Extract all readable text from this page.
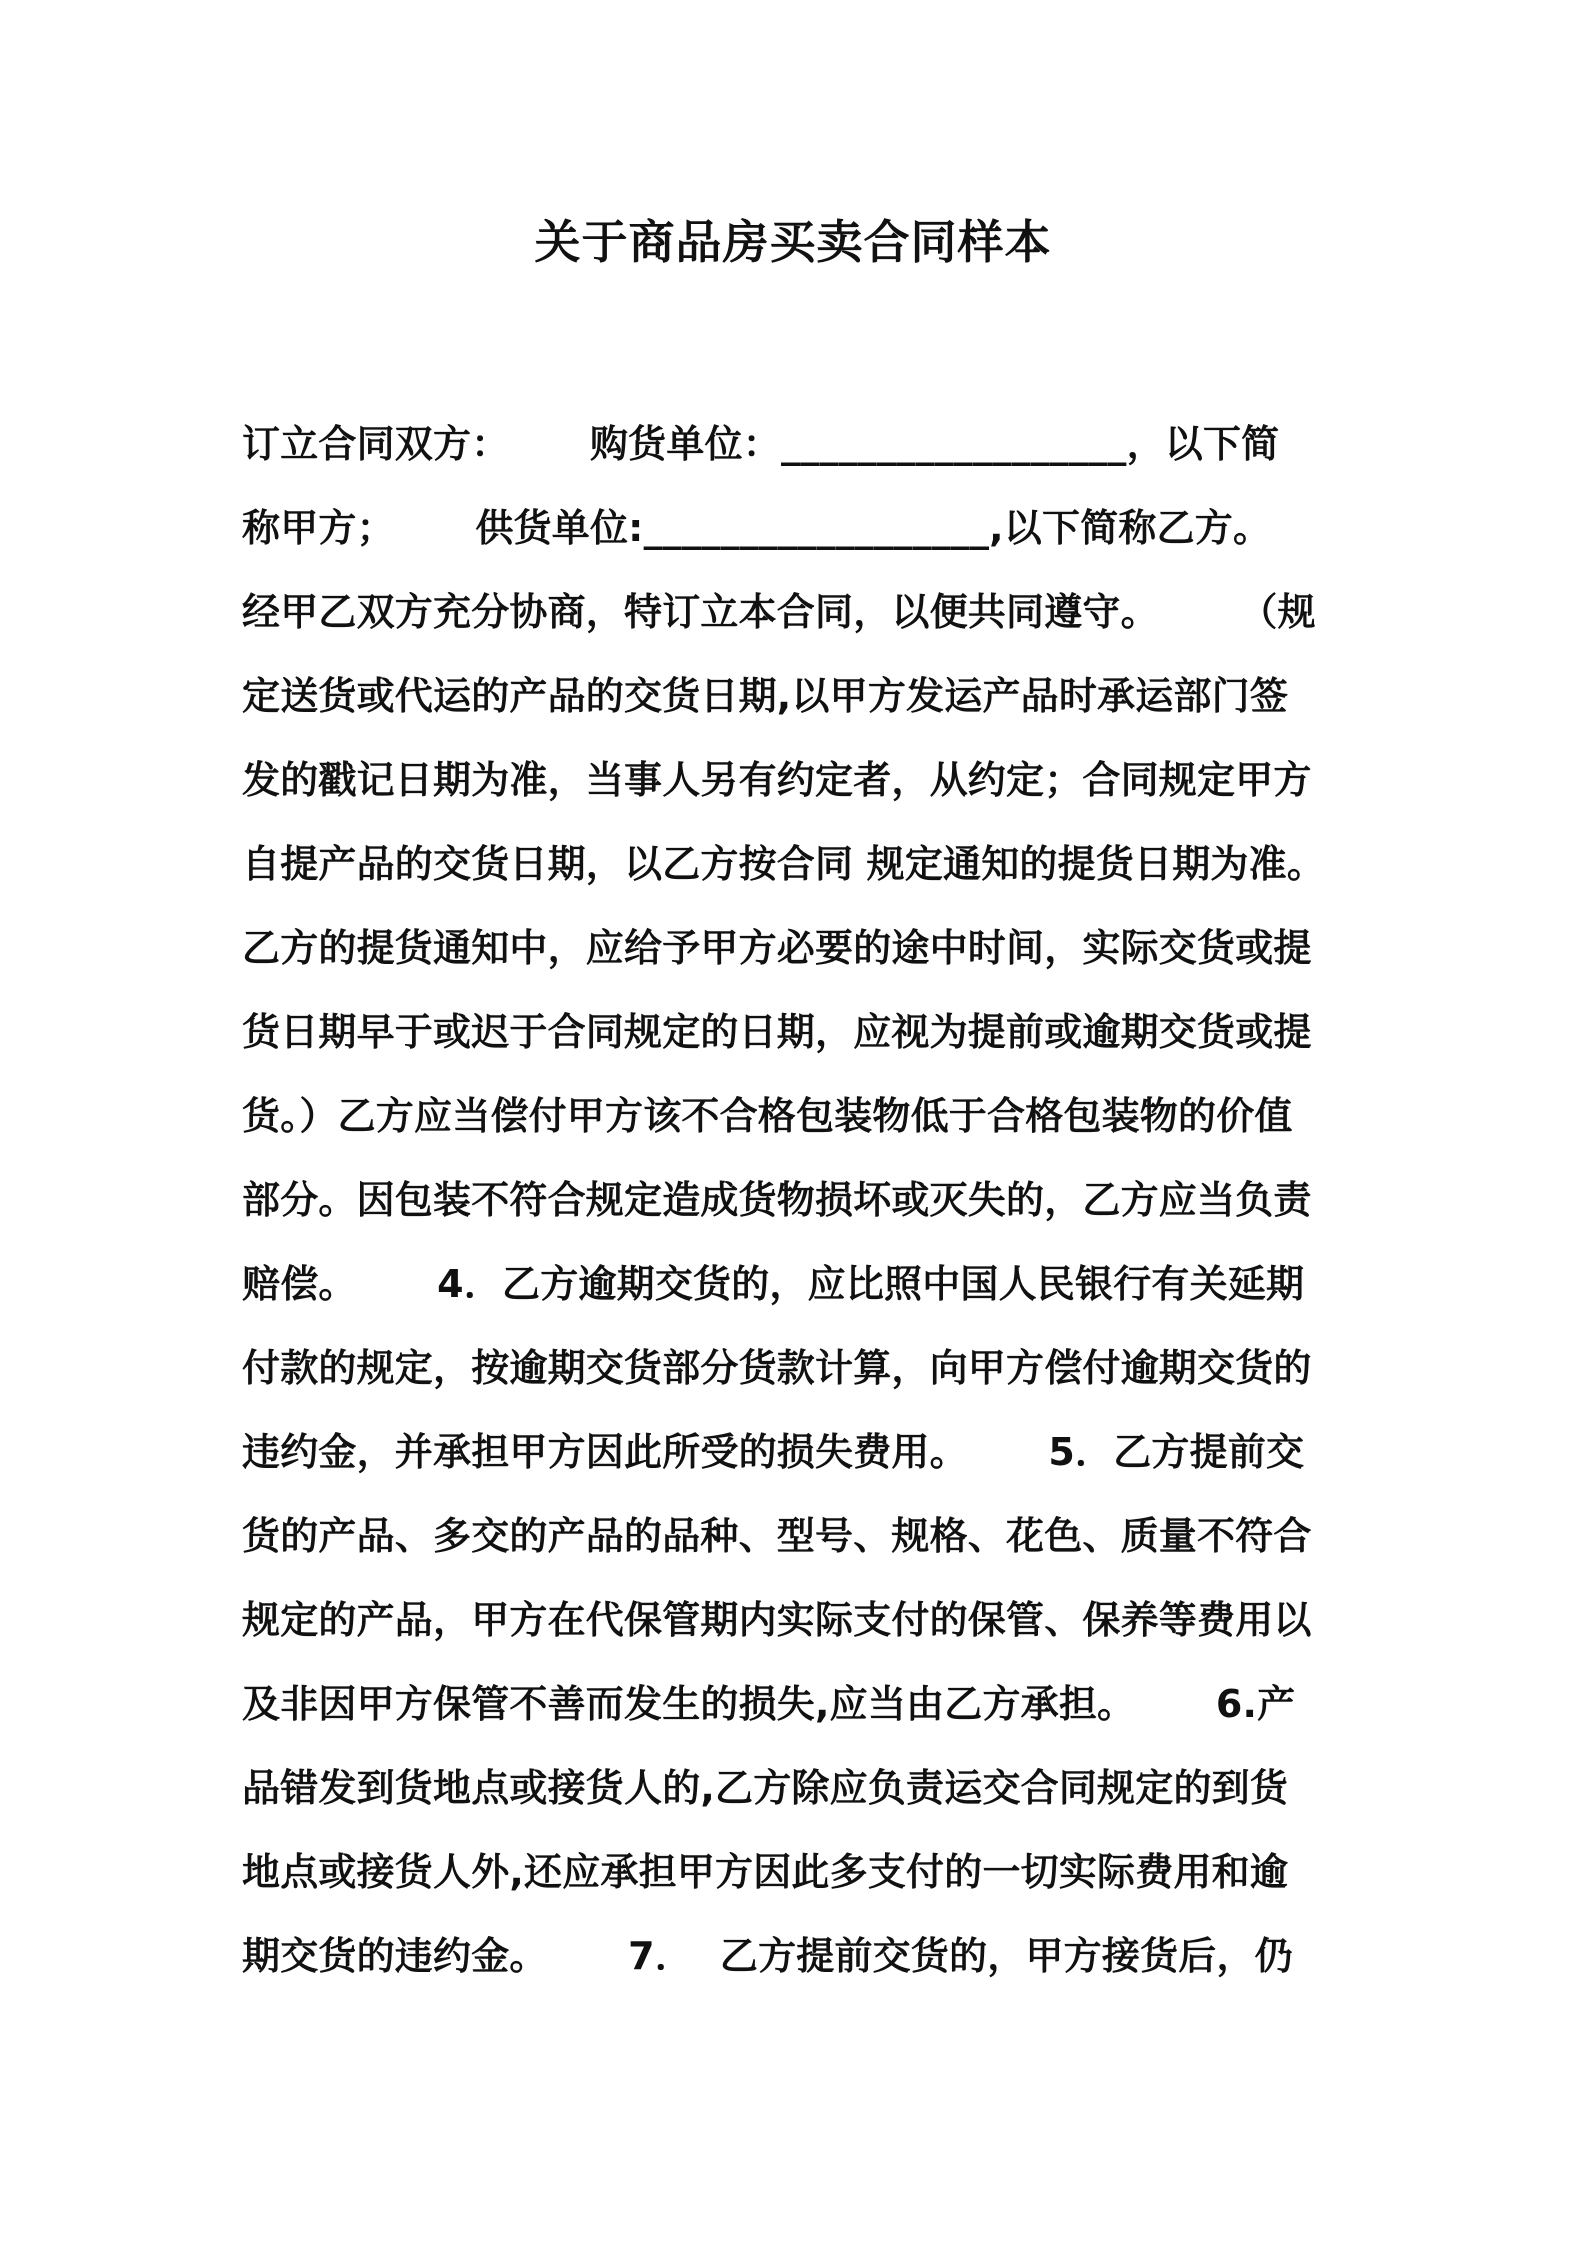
关于商品房买卖合同样本
订立合同双方：      购货单位：__________________，以下简
称甲方；      供货单位:__________________,以下简称乙方。
经甲乙双方充分协商，特订立本合同，以便共同遵守。      （规
定送货或代运的产品的交货日期,以甲方发运产品时承运部门签
发的戳记日期为准，当事人另有约定者，从约定；合同规定甲方
自提产品的交货日期，以乙方按合同 规定通知的提货日期为准。
乙方的提货通知中，应给予甲方必要的途中时间，实际交货或提
货日期早于或迟于合同规定的日期，应视为提前或逾期交货或提
货。）乙方应当偿付甲方该不合格包装物低于合格包装物的价值
部分。因包装不符合规定造成货物损坏或灭失的，乙方应当负责
赔偿。      4．乙方逾期交货的，应比照中国人民银行有关延期
付款的规定，按逾期交货部分货款计算，向甲方偿付逾期交货的
违约金，并承担甲方因此所受的损失费用。      5．乙方提前交
货的产品、多交的产品的品种、型号、规格、花色、质量不符合
规定的产品，甲方在代保管期内实际支付的保管、保养等费用以
及非因甲方保管不善而发生的损失,应当由乙方承担。      6.产
品错发到货地点或接货人的,乙方除应负责运交合同规定的到货
地点或接货人外,还应承担甲方因此多支付的一切实际费用和逾
期交货的违约金。      7．  乙方提前交货的，甲方接货后，仍
